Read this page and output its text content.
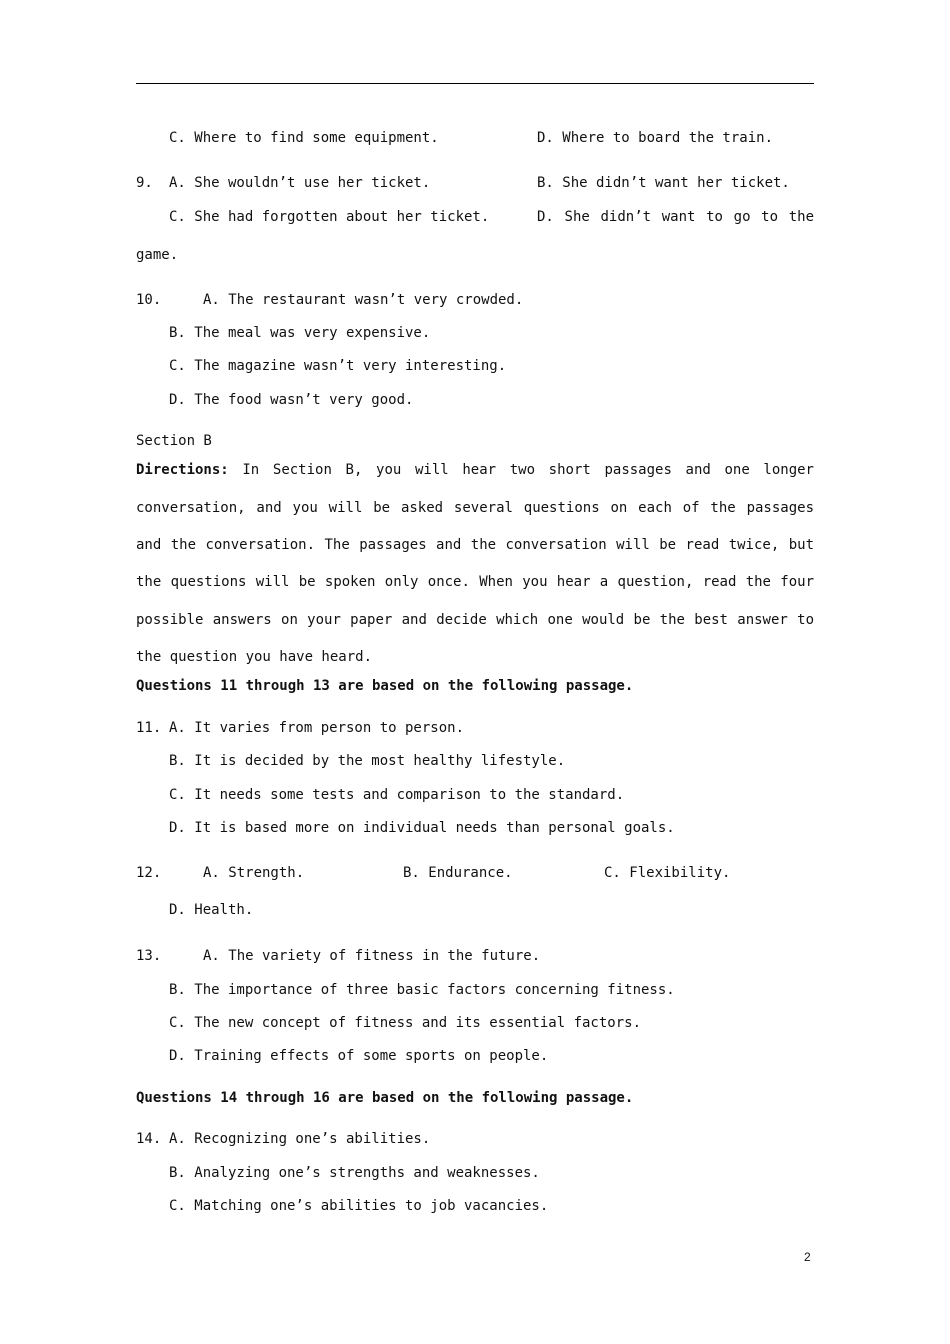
C. Where to find some equipment.	D. Where to board the train.
9. A. She wouldn’t use her ticket.	B. She didn’t want her ticket.
C. She had forgotten about her ticket.	D. She didn’t want to go to the
game.
10.	A. The restaurant wasn’t very crowded.
B. The meal was very expensive.
C. The magazine wasn’t very interesting.
D. The food wasn’t very good.
Section B
Directions: In Section B, you will hear two short passages and one longer
conversation, and you will be asked several questions on each of the passages
and the conversation. The passages and the conversation will be read twice, but
the questions will be spoken only once. When you hear a question, read the four
possible answers on your paper and decide which one would be the best answer to
the question you have heard.
Questions 11 through 13 are based on the following passage.
11. A. It varies from person to person.
B. It is decided by the most healthy lifestyle.
C. It needs some tests and comparison to the standard.
D. It is based more on individual needs than personal goals.
12.	A. Strength.	B. Endurance.	C. Flexibility.
D. Health.
13.	A. The variety of fitness in the future.
B. The importance of three basic factors concerning fitness.
C. The new concept of fitness and its essential factors.
D. Training effects of some sports on people.
Questions 14 through 16 are based on the following passage.
14. A. Recognizing one’s abilities.
B. Analyzing one’s strengths and weaknesses.
C. Matching one’s abilities to job vacancies.
2
